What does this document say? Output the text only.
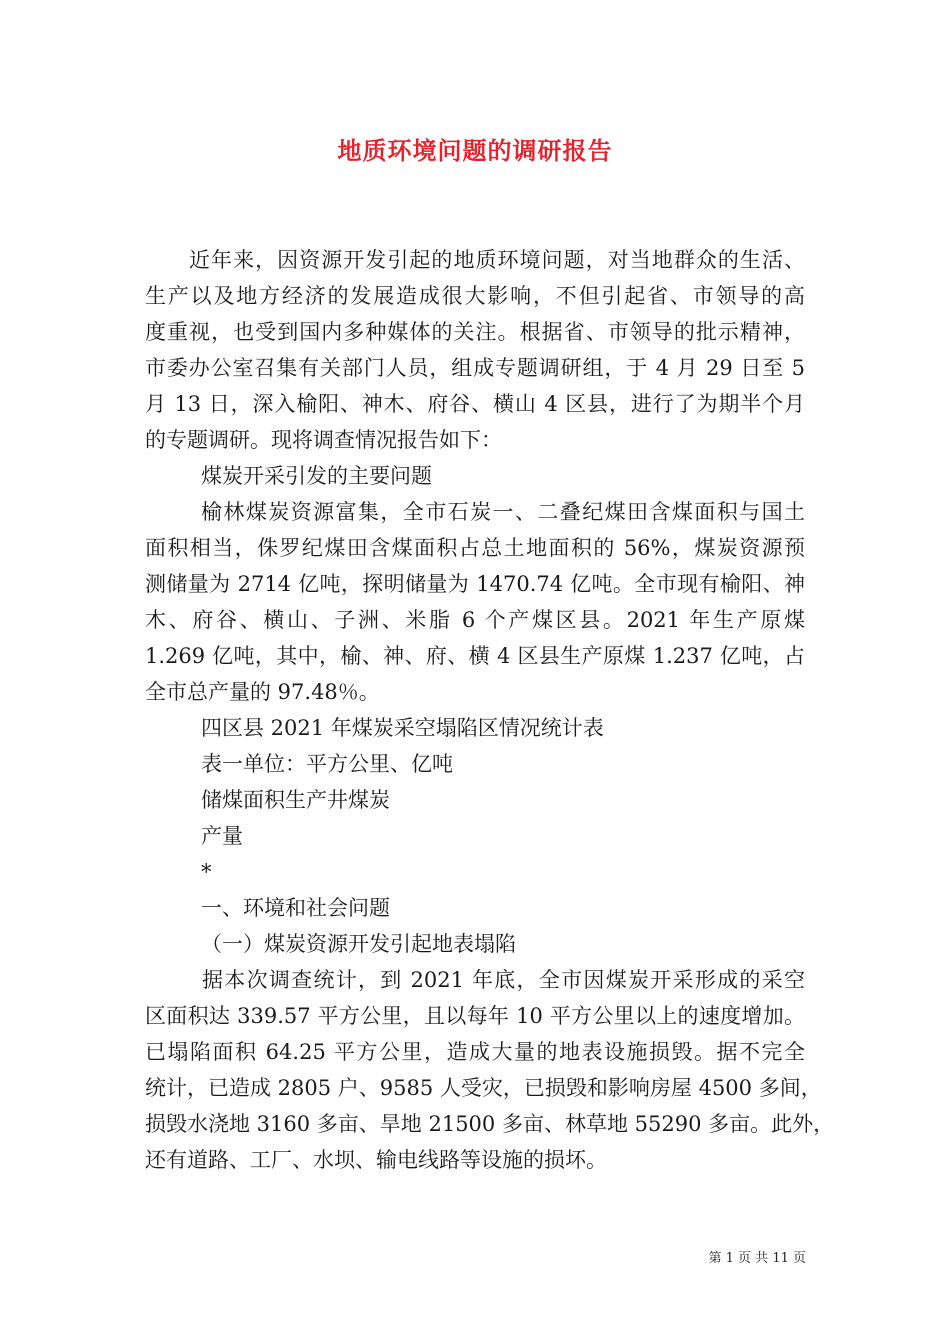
地质环境问题的调研报告
近年来，因资源开发引起的地质环境问题，对当地群众的生活、
生产以及地方经济的发展造成很大影响，不但引起省、市领导的高
度重视，也受到国内多种媒体的关注。根据省、市领导的批示精神，
市委办公室召集有关部门人员，组成专题调研组，于 4 月 29 日至 5
月 13 日，深入榆阳、神木、府谷、横山 4 区县，进行了为期半个月
的专题调研。现将调查情况报告如下：
煤炭开采引发的主要问题
榆林煤炭资源富集，全市石炭一、二叠纪煤田含煤面积与国土
面积相当，侏罗纪煤田含煤面积占总土地面积的 56%，煤炭资源预
测储量为 2714 亿吨，探明储量为 1470.74 亿吨。全市现有榆阳、神
木、府谷、横山、子洲、米脂 6 个产煤区县。2021 年生产原煤
1.269 亿吨，其中，榆、神、府、横 4 区县生产原煤 1.237 亿吨，占
全市总产量的 97.48％。
四区县 2021 年煤炭采空塌陷区情况统计表
表一单位：平方公里、亿吨
储煤面积生产井煤炭
产量
*
一、环境和社会问题
（一）煤炭资源开发引起地表塌陷
据本次调查统计，到 2021 年底，全市因煤炭开采形成的采空
区面积达 339.57 平方公里，且以每年 10 平方公里以上的速度增加。
已塌陷面积 64.25 平方公里，造成大量的地表设施损毁。据不完全
统计，已造成 2805 户、9585 人受灾，已损毁和影响房屋 4500 多间，
损毁水浇地 3160 多亩、旱地 21500 多亩、林草地 55290 多亩。此外，
还有道路、工厂、水坝、输电线路等设施的损坏。
第 1 页 共 11 页
